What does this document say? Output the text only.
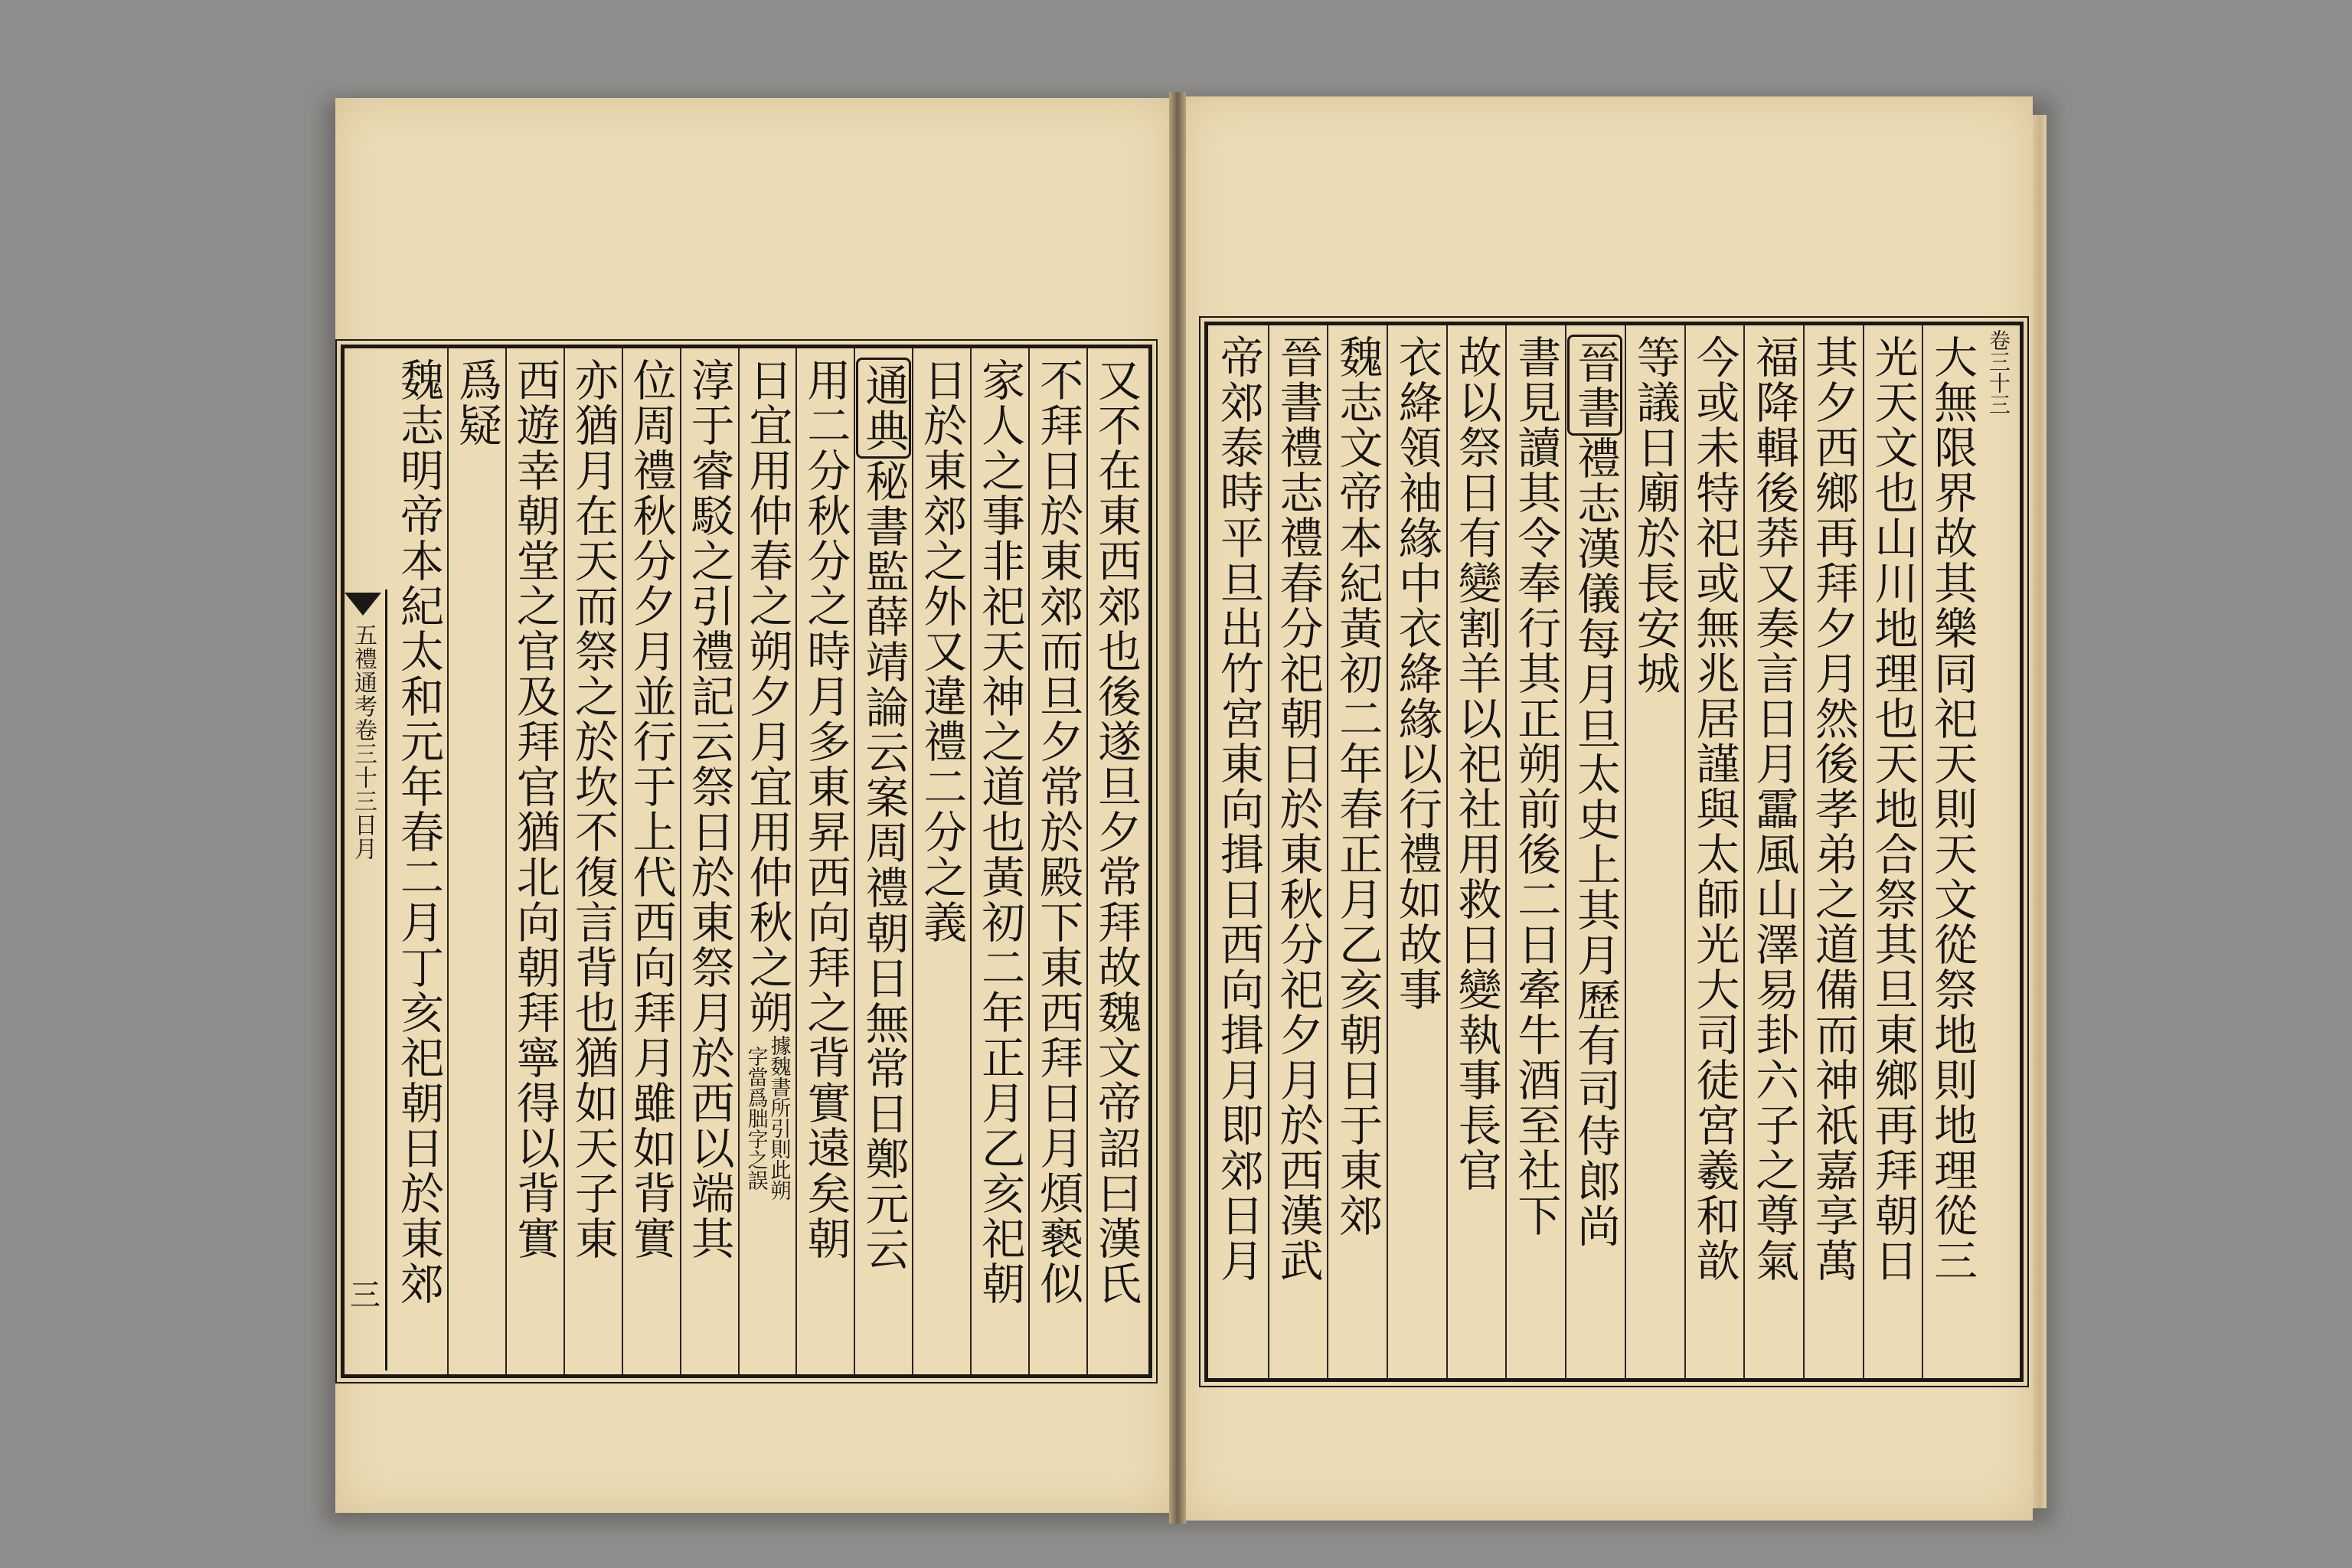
五禮通考卷三十三日月
三 魏志明帝本紀太和元年春二月丁亥祀朝日於東郊 爲疑 西遊幸朝堂之官及拜官猶北向朝拜寧得以背實 亦猶月在天而祭之於坎不復言背也猶如天子東 位周禮秋分夕月並行于上代西向拜月雖如背實 淳于睿駁之引禮記云祭日於東祭月於西以端其 日宜用仲春之朔夕月宜用仲秋之朔
據魏書所引則此朔
字當爲朏字之誤 用二分秋分之時月多東昇西向拜之背實遠矣朝 通典秘書監薛靖論云案周禮朝日無常日鄭元云 日於東郊之外又違禮二分之義 家人之事非祀天神之道也黃初二年正月乙亥祀朝 不拜日於東郊而旦夕常於殿下東西拜日月煩褻似 又不在東西郊也後遂旦夕常拜故魏文帝詔曰漢氏 帝郊泰時平旦出竹宮東向揖日西向揖月即郊日月 晉書禮志禮春分祀朝日於東秋分祀夕月於西漢武 魏志文帝本紀黃初二年春正月乙亥朝日于東郊 衣絳領袖緣中衣絳緣以行禮如故事 故以祭日有變割羊以祀社用救日變執事長官 書見讀其令奉行其正朔前後二日牽牛酒至社下 晉書禮志漢儀每月旦太史上其月歷有司侍郎尚 等議日廟於長安城 今或未特祀或無兆居謹與太師光大司徒宮羲和歆 福降輯後莽又奏言日月靁風山澤易卦六子之尊氣 其夕西鄉再拜夕月然後孝弟之道備而神祇嘉享萬 光天文也山川地理也天地合祭其旦東鄉再拜朝日 大無限界故其樂同祀天則天文從祭地則地理從三 卷三十三
